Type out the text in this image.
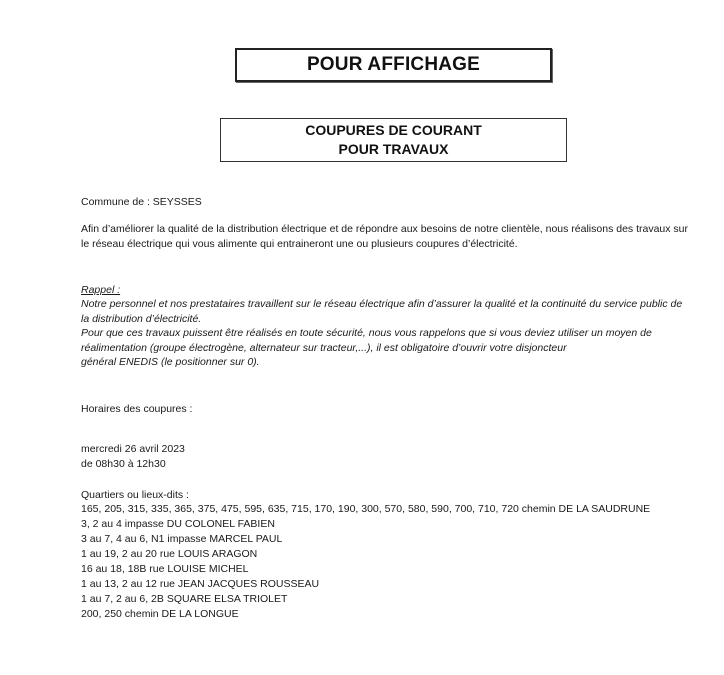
POUR AFFICHAGE
COUPURES DE COURANT
POUR TRAVAUX
Commune de : SEYSSES
Afin d’améliorer la qualité de la distribution électrique et de répondre aux besoins de notre clientèle, nous réalisons des travaux sur le réseau électrique qui vous alimente qui entraineront une ou plusieurs coupures d’électricité.
Rappel :

Notre personnel et nos prestataires travaillent sur le réseau électrique afin d’assurer la qualité et la continuité du service public de la distribution d’électricité.

Pour que ces travaux puissent être réalisés en toute sécurité, nous vous rappelons que si vous deviez utiliser un moyen de réalimentation (groupe électrogène, alternateur sur tracteur,...), il est obligatoire d’ouvrir votre disjoncteur

général ENEDIS (le positionner sur 0).

Horaires des coupures :
mercredi 26 avril 2023
de 08h30 à 12h30
Quartiers ou lieux-dits :
165, 205, 315, 335, 365, 375, 475, 595, 635, 715, 170, 190, 300, 570, 580, 590, 700, 710, 720 chemin DE LA SAUDRUNE
3, 2 au 4 impasse DU COLONEL FABIEN
3 au 7, 4 au 6, N1 impasse MARCEL PAUL
1 au 19, 2 au 20 rue LOUIS ARAGON
16 au 18, 18B rue LOUISE MICHEL
1 au 13, 2 au 12 rue JEAN JACQUES ROUSSEAU
1 au 7, 2 au 6, 2B SQUARE ELSA TRIOLET
200, 250 chemin DE LA LONGUE
